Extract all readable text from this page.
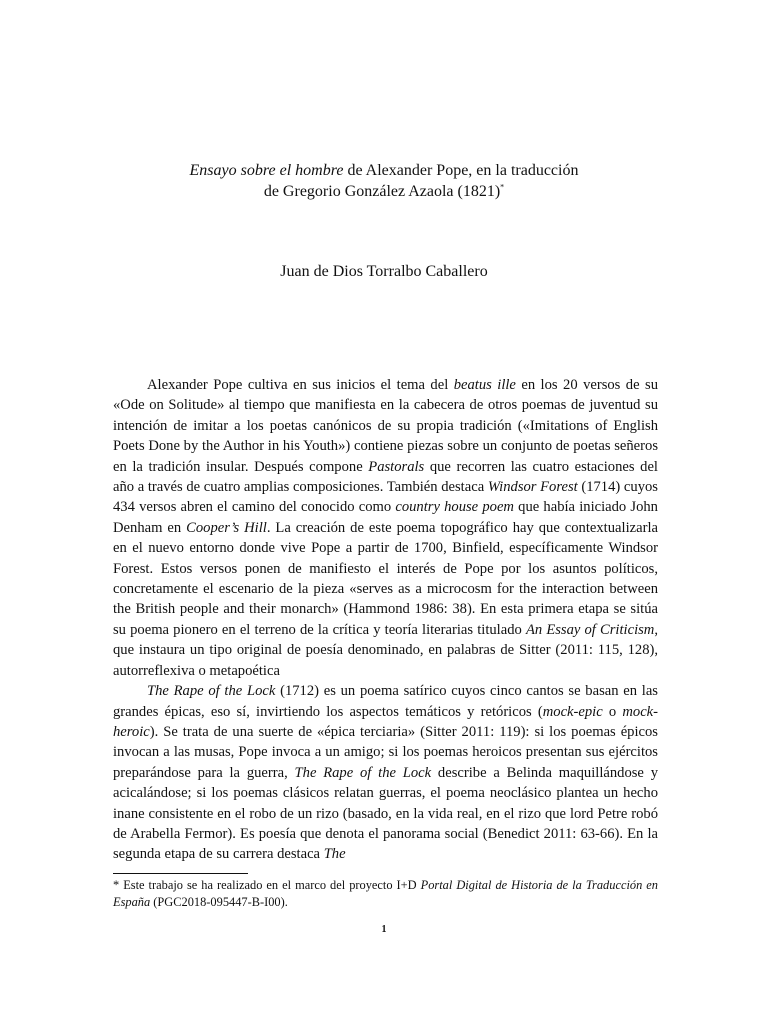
Ensayo sobre el hombre de Alexander Pope, en la traducción
de Gregorio González Azaola (1821)*
Juan de Dios Torralbo Caballero

Alexander Pope cultiva en sus inicios el tema del beatus ille en los 20 versos de su «Ode on Solitude» al tiempo que manifiesta en la cabecera de otros poemas de juventud su intención de imitar a los poetas canónicos de su propia tradición («Imitations of English Poets Done by the Author in his Youth») contiene piezas sobre un conjunto de poetas señeros en la tradición insular. Después compone Pastorals que recorren las cuatro estaciones del año a través de cuatro amplias composiciones. También destaca Windsor Forest (1714) cuyos 434 versos abren el camino del conocido como country house poem que había iniciado John Denham en Cooper’s Hill. La creación de este poema topográfico hay que contextualizarla en el nuevo entorno donde vive Pope a partir de 1700, Binfield, específicamente Windsor Forest. Estos versos ponen de manifiesto el interés de Pope por los asuntos políticos, concretamente el escenario de la pieza «serves as a microcosm for the interaction between the British people and their monarch» (Hammond 1986: 38). En esta primera etapa se sitúa su poema pionero en el terreno de la crítica y teoría literarias titulado An Essay of Criticism, que instaura un tipo original de poesía denominado, en palabras de Sitter (2011: 115, 128), autorreflexiva o metapoética

The Rape of the Lock (1712) es un poema satírico cuyos cinco cantos se basan en las grandes épicas, eso sí, invirtiendo los aspectos temáticos y retóricos (mock-epic o mock-heroic). Se trata de una suerte de «épica terciaria» (Sitter 2011: 119): si los poemas épicos invocan a las musas, Pope invoca a un amigo; si los poemas heroicos presentan sus ejércitos preparándose para la guerra, The Rape of the Lock describe a Belinda maquillándose y acicalándose; si los poemas clásicos relatan guerras, el poema neoclásico plantea un hecho inane consistente en el robo de un rizo (basado, en la vida real, en el rizo que lord Petre robó de Arabella Fermor). Es poesía que denota el panorama social (Benedict 2011: 63-66). En la segunda etapa de su carrera destaca The

* Este trabajo se ha realizado en el marco del proyecto I+D Portal Digital de Historia de la Traducción en España (PGC2018-095447-B-I00).
1
